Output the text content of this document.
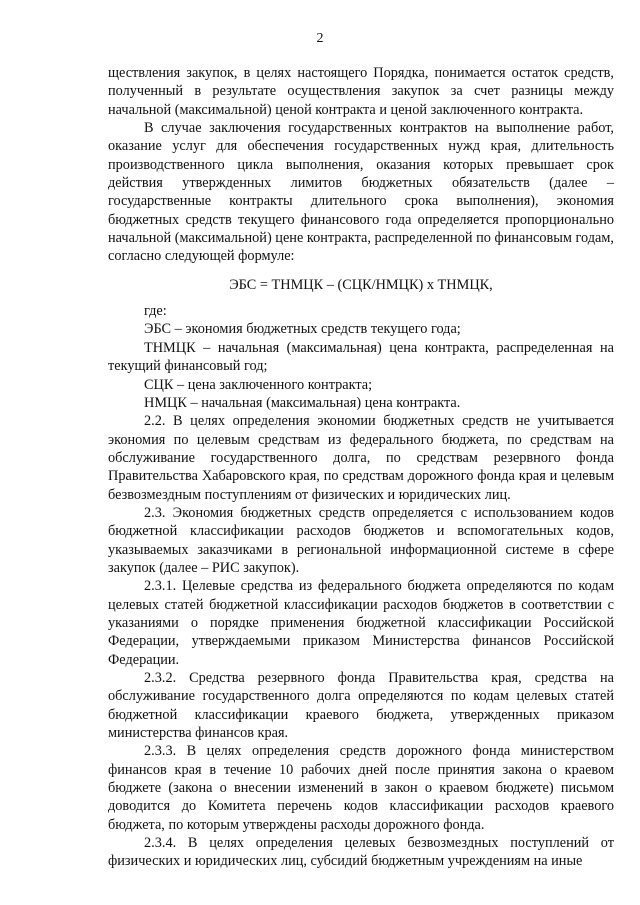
2

ществления закупок, в целях настоящего Порядка, понимается остаток средств, полученный в результате осуществления закупок за счет разницы между начальной (максимальной) ценой контракта и ценой заключенного контракта.

В случае заключения государственных контрактов на выполнение работ, оказание услуг для обеспечения государственных нужд края, длительность производственного цикла выполнения, оказания которых превышает срок действия утвержденных лимитов бюджетных обязательств (далее – государственные контракты длительного срока выполнения), экономия бюджетных средств текущего финансового года определяется пропорционально начальной (максимальной) цене контракта, распределенной по финансовым годам, согласно следующей формуле:

ЭБС = ТНМЦК – (СЦК/НМЦК) x ТНМЦК,

где:

ЭБС – экономия бюджетных средств текущего года;

ТНМЦК – начальная (максимальная) цена контракта, распределенная на текущий финансовый год;

СЦК – цена заключенного контракта;

НМЦК – начальная (максимальная) цена контракта.

2.2. В целях определения экономии бюджетных средств не учитывается экономия по целевым средствам из федерального бюджета, по средствам на обслуживание государственного долга, по средствам резервного фонда Правительства Хабаровского края, по средствам дорожного фонда края и целевым безвозмездным поступлениям от физических и юридических лиц.

2.3. Экономия бюджетных средств определяется с использованием кодов бюджетной классификации расходов бюджетов и вспомогательных кодов, указываемых заказчиками в региональной информационной системе в сфере закупок (далее – РИС закупок).

2.3.1. Целевые средства из федерального бюджета определяются по кодам целевых статей бюджетной классификации расходов бюджетов в соответствии с указаниями о порядке применения бюджетной классификации Российской Федерации, утверждаемыми приказом Министерства финансов Российской Федерации.

2.3.2. Средства резервного фонда Правительства края, средства на обслуживание государственного долга определяются по кодам целевых статей бюджетной классификации краевого бюджета, утвержденных приказом министерства финансов края.

2.3.3. В целях определения средств дорожного фонда министерством финансов края в течение 10 рабочих дней после принятия закона о краевом бюджете (закона о внесении изменений в закон о краевом бюджете) письмом доводится до Комитета перечень кодов классификации расходов краевого бюджета, по которым утверждены расходы дорожного фонда.

2.3.4. В целях определения целевых безвозмездных поступлений от физических и юридических лиц, субсидий бюджетным учреждениям на иные
